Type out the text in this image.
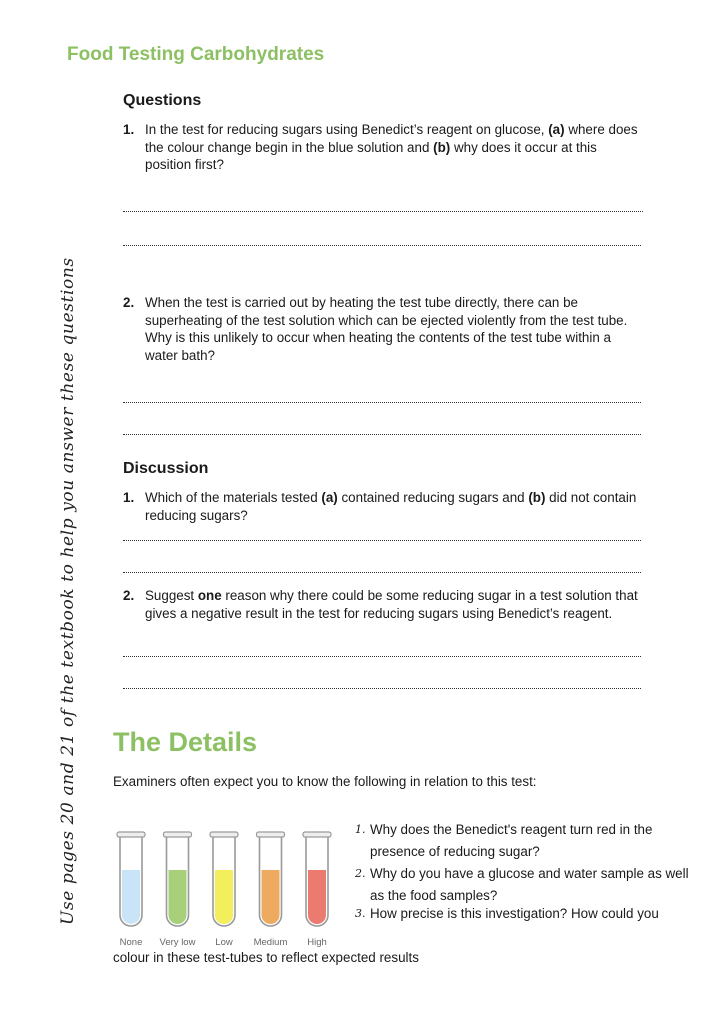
Food Testing Carbohydrates
Use pages 20 and 21 of the textbook to help you answer these questions
Questions
1. In the test for reducing sugars using Benedict’s reagent on glucose, (a) where does the colour change begin in the blue solution and (b) why does it occur at this position first?
2. When the test is carried out by heating the test tube directly, there can be superheating of the test solution which can be ejected violently from the test tube. Why is this unlikely to occur when heating the contents of the test tube within a water bath?
Discussion
1. Which of the materials tested (a) contained reducing sugars and (b) did not contain reducing sugars?
2. Suggest one reason why there could be some reducing sugar in a test solution that gives a negative result in the test for reducing sugars using Benedict’s reagent.
The Details
Examiners often expect you to know the following in relation to this test:
1. Why does the Benedict's reagent turn red in the presence of reducing sugar?
2. Why do you have a glucose and water sample as well as the food samples?
3. How precise is this investigation? How could you
None	Very low	Low	Medium	High
colour in these test-tubes to reflect expected results
